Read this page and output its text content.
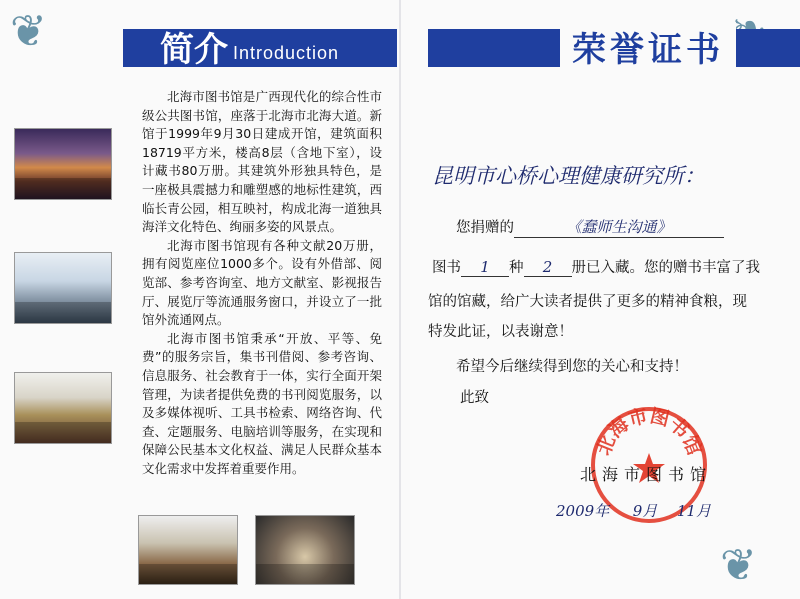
❦
❦
简介 Introduction	荣誉证书

北海市图书馆是广西现代化的综合性市级公共图书馆，座落于北海市北海大道。新馆于1999年9月30日建成开馆，建筑面积18719平方米，楼高8层（含地下室），设计藏书80万册。其建筑外形独具特色，是一座极具震撼力和雕塑感的地标性建筑，西临长青公园，相互映衬，构成北海一道独具海洋文化特色、绚丽多姿的风景点。

北海市图书馆现有各种文献20万册，拥有阅览座位1000多个。设有外借部、阅览部、参考咨询室、地方文献室、影视报告厅、展览厅等流通服务窗口，并设立了一批馆外流通网点。

北海市图书馆秉承“开放、平等、免费”的服务宗旨，集书刊借阅、参考咨询、信息服务、社会教育于一体，实行全面开架管理，为读者提供免费的书刊阅览服务，以及多媒体视听、工具书检索、网络咨询、代查、定题服务、电脑培训等服务，在实现和保障公民基本文化权益、满足人民群众基本文化需求中发挥着重要作用。

昆明市心桥心理健康研究所：
您捐赠的	《蠢师生沟通》
图书 1 种 2 册已入藏。您的赠书丰富了我
馆的馆藏，给广大读者提供了更多的精神食粮，现
特发此证，以表谢意！
希望今后继续得到您的关心和支持！
此致
北海市图书馆
北海市图书馆
2009年 9月 11月
